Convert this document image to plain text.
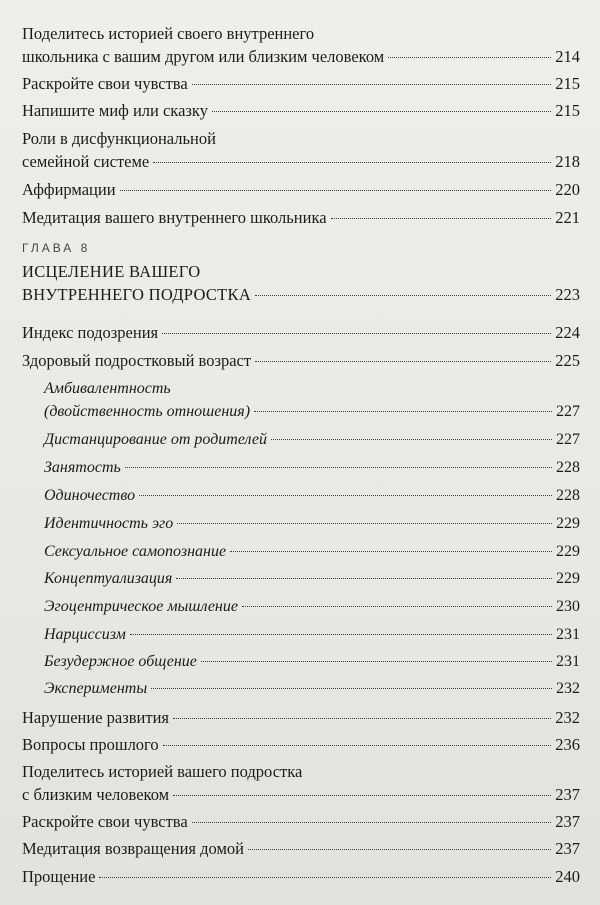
Поделитесь историей своего внутреннего
школьника с вашим другом или близким человеком	214
Раскройте свои чувства	215
Напишите миф или сказку	215
Роли в дисфункциональной
семейной системе	218
Аффирмации	220
Медитация вашего внутреннего школьника	221
ГЛАВА 8
ИСЦЕЛЕНИЕ ВАШЕГО
ВНУТРЕННЕГО ПОДРОСТКА	223
Индекс подозрения	224
Здоровый подростковый возраст	225
Амбивалентность
(двойственность отношения)	227
Дистанцирование от родителей	227
Занятость	228
Одиночество	228
Идентичность эго	229
Сексуальное самопознание	229
Концептуализация	229
Эгоцентрическое мышление	230
Нарциссизм	231
Безудержное общение	231
Эксперименты	232
Нарушение развития	232
Вопросы прошлого	236
Поделитесь историей вашего подростка
с близким человеком	237
Раскройте свои чувства	237
Медитация возвращения домой	237
Прощение	240
